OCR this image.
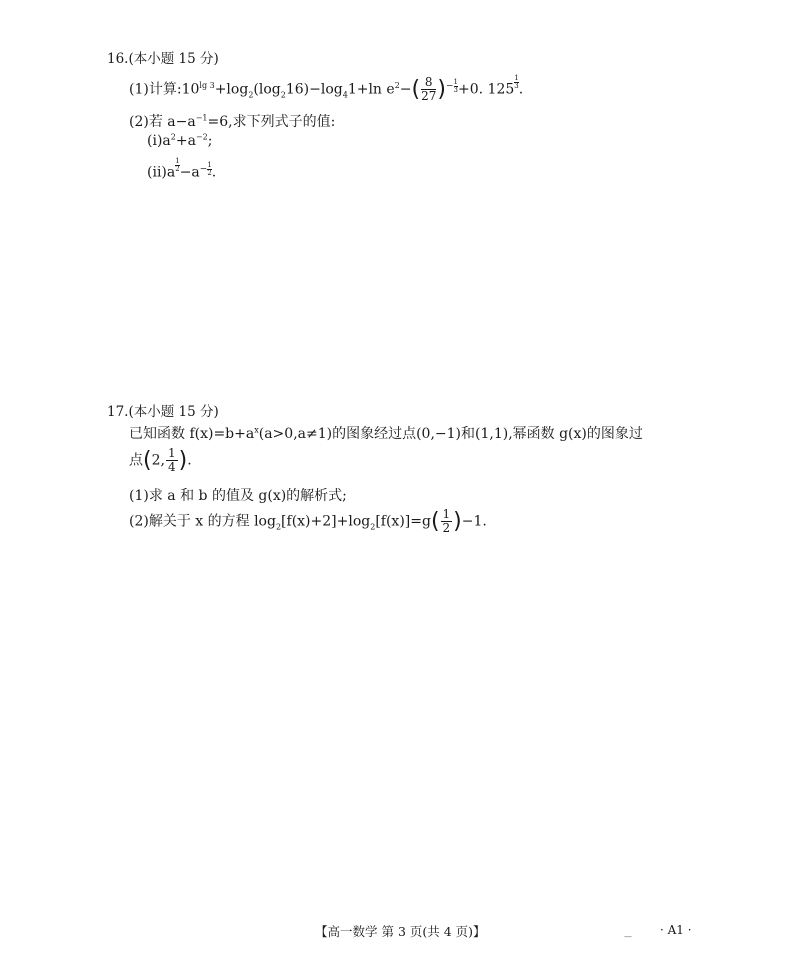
16.(本小题 15 分)
(1)计算$:10^{lg 3}+\log_2(\log_216)-\log_41+\ln$ $e^2-( \frac{8}{27}$ )− $\frac{1}{3} +0$. $125 \frac{1}{3}$ .
(2)若 $a-a^{-1}=6$,求下列式子的值:
$(ⅰ)a^2+a^{-2}$;
(ⅱ)a $\frac{1}{2} -a- \frac{1}{2}$ .
17.(本小题 15 分)
已知函数 $f(x)=b+a^x(a>0,a\ne 1)$的图象经过点(0,−1)和(1,1),幂函数 g(x)的图象过
点(2, $\frac{1}{4}$ ).
(1)求 a 和 b 的值及 g(x)的解析式;
(2)解关于 x 的方程 $\log_2[f(x)+2]+\log_2[f(x)]=g( \frac{1}{2} )-1$.
【高一数学 第 3 页(共 4 页)】	— · A1 ·
